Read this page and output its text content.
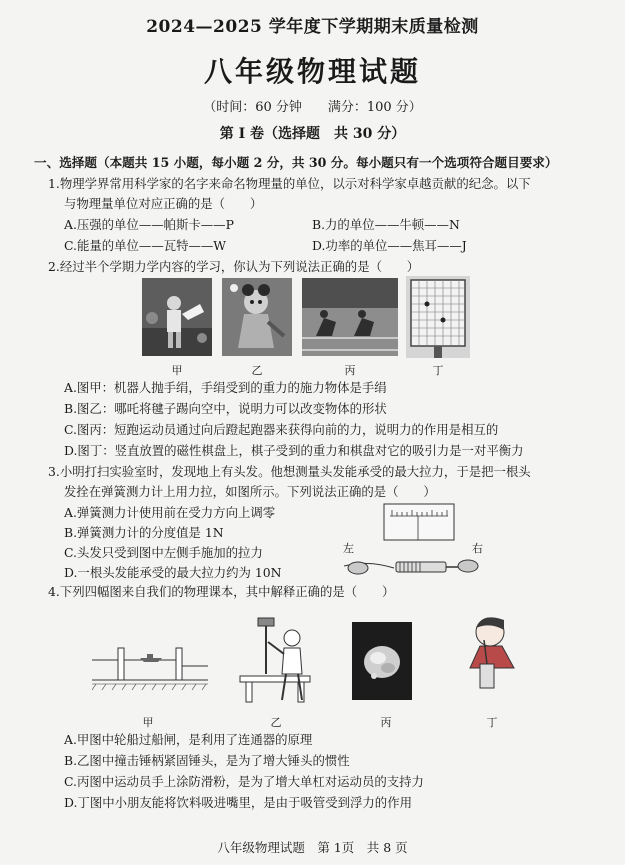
2024—2025 学年度下学期期末质量检测
八年级物理试题
（时间：60 分钟　　满分：100 分）
第 I 卷（选择题　共 30 分）
一、选择题（本题共 15 小题，每小题 2 分，共 30 分。每小题只有一个选项符合题目要求）
1.物理学界常用科学家的名字来命名物理量的单位，以示对科学家卓越贡献的纪念。以下
与物理量单位对应正确的是（　　）
A.压强的单位——帕斯卡——P	B.力的单位——牛顿——N
C.能量的单位——瓦特——W	D.功率的单位——焦耳——J
2.经过半个学期力学内容的学习，你认为下列说法正确的是（　　）
甲	乙	丙	丁
A.图甲：机器人抛手绢，手绢受到的重力的施力物体是手绢
B.图乙：哪吒将毽子踢向空中，说明力可以改变物体的形状
C.图丙：短跑运动员通过向后蹬起跑器来获得向前的力，说明力的作用是相互的
D.图丁：竖直放置的磁性棋盘上，棋子受到的重力和棋盘对它的吸引力是一对平衡力
3.小明打扫实验室时，发现地上有头发。他想测量头发能承受的最大拉力，于是把一根头
发拴在弹簧测力计上用力拉，如图所示。下列说法正确的是（　　）
A.弹簧测力计使用前在受力方向上调零
B.弹簧测力计的分度值是 1N
C.头发只受到图中左侧手施加的拉力
D.一根头发能承受的最大拉力约为 10N
左	右
4.下列四幅图来自我们的物理课本，其中解释正确的是（　　）
甲	乙	丙	丁
A.甲图中轮船过船闸，是利用了连通器的原理
B.乙图中撞击锤柄紧固锤头，是为了增大锤头的惯性
C.丙图中运动员手上涂防滑粉，是为了增大单杠对运动员的支持力
D.丁图中小朋友能将饮料吸进嘴里，是由于吸管受到浮力的作用
八年级物理试题　第 1页　共 8 页
